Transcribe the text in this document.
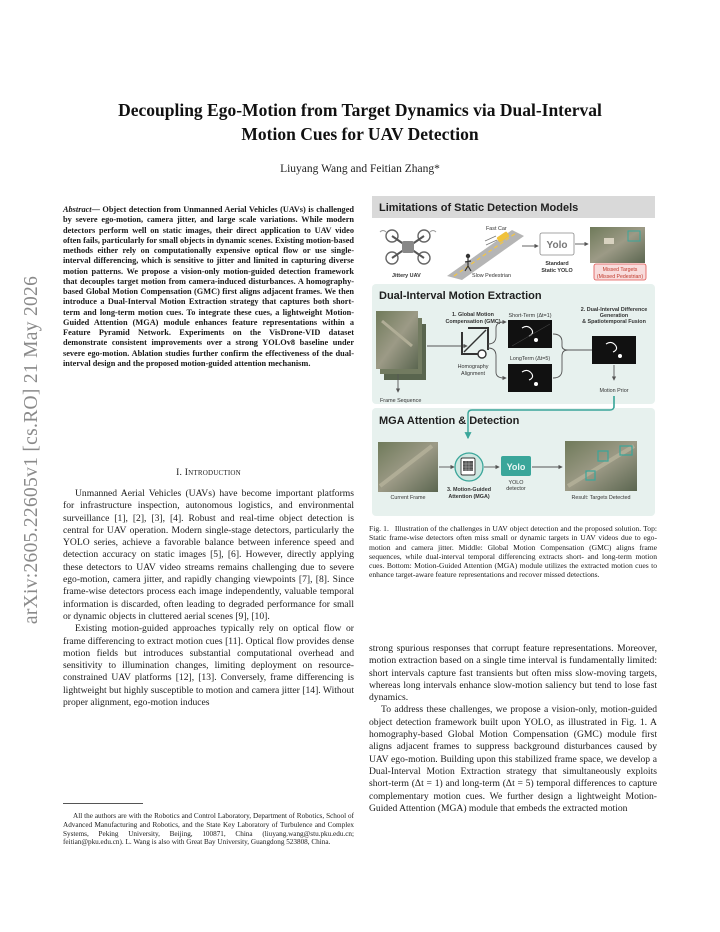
arXiv:2605.22605v1 [cs.RO] 21 May 2026
Decoupling Ego-Motion from Target Dynamics via Dual-Interval
Motion Cues for UAV Detection
Liuyang Wang and Feitian Zhang*
Abstract— Object detection from Unmanned Aerial Vehicles (UAVs) is challenged by severe ego-motion, camera jitter, and large scale variations. While modern detectors perform well on static images, their direct application to UAV video often fails, particularly for small objects in dynamic scenes. Existing motion-based methods either rely on computationally expensive optical flow or use single-interval differencing, which is sensitive to jitter and limited in capturing diverse motion patterns. We propose a vision-only motion-guided detection framework that decouples target motion from camera-induced disturbances. A homography-based Global Motion Compensation (GMC) first aligns adjacent frames. We then introduce a Dual-Interval Motion Extraction strategy that captures both short-term and long-term motion cues. To integrate these cues, a lightweight Motion-Guided Attention (MGA) module enhances feature representations within a Feature Pyramid Network. Experiments on the VisDrone-VID dataset demonstrate consistent improvements over a strong YOLOv8 baseline under severe ego-motion. Ablation studies further confirm the effectiveness of the dual-interval design and the proposed motion-guided attention mechanism.
I. Introduction

Unmanned Aerial Vehicles (UAVs) have become important platforms for infrastructure inspection, autonomous logistics, and environmental surveillance [1], [2], [3], [4]. Robust and real-time object detection is central for UAV operation. Modern single-stage detectors, particularly the YOLO series, achieve a favorable balance between inference speed and detection accuracy on static images [5], [6]. However, directly applying these detectors to UAV video streams remains challenging due to severe ego-motion, camera jitter, and rapidly changing viewpoints [7], [8]. Since frame-wise detectors process each image independently, valuable temporal information is discarded, often leading to degraded performance for small or dynamic objects in cluttered aerial scenes [9], [10].

Existing motion-guided approaches typically rely on optical flow or frame differencing to extract motion cues [11]. Optical flow provides dense motion fields but introduces substantial computational overhead and sensitivity to illumination changes, limiting deployment on resource-constrained UAV platforms [12], [13]. Conversely, frame differencing is lightweight but highly susceptible to motion and camera jitter [14]. Without proper alignment, ego-motion induces

All the authors are with the Robotics and Control Laboratory, Department of Robotics, School of Advanced Manufacturing and Robotics, and the State Key Laboratory of Turbulence and Complex Systems, Peking University, Beijing, 100871, China (liuyang.wang@stu.pku.edu.cn; feitian@pku.edu.cn). L. Wang is also with Great Bay University, Guangdong 523808, China.

Limitations of Static Detection Models
Jittery UAV
Fast Car
Slow Pedestrian
Yolo
Standard
Static YOLO	Missed Targets
(Missed Pedestrian)
Dual-Interval Motion Extraction
Frame Sequence
1. Global Motion
Compensation (GMC)
Homography
Alignment
Short-Term (Δt=1)
LongTerm (Δt=5)
2. Dual-Interval Difference
Generation
& Spatiotemporal Fusion
Motion Prior
MGA Attention & Detection
Current Frame
3. Motion-Guided
Attention (MGA)
Yolo
YOLO
detector
Result: Targets Detected
Fig. 1. Illustration of the challenges in UAV object detection and the proposed solution. Top: Static frame-wise detectors often miss small or dynamic targets in UAV videos due to ego-motion and camera jitter. Middle: Global Motion Compensation (GMC) aligns frame sequences, while dual-interval temporal differencing extracts short- and long-term motion cues. Bottom: Motion-Guided Attention (MGA) module utilizes the extracted motion cues to enhance target-aware feature representations and recover missed detections.

strong spurious responses that corrupt feature representations. Moreover, motion extraction based on a single time interval is fundamentally limited: short intervals capture fast transients but often miss slow-moving targets, whereas long intervals enhance slow-motion saliency but tend to lose fast dynamics.

To address these challenges, we propose a vision-only, motion-guided object detection framework built upon YOLO, as illustrated in Fig. 1. A homography-based Global Motion Compensation (GMC) module first aligns adjacent frames to suppress background disturbances caused by UAV ego-motion. Building upon this stabilized frame space, we develop a Dual-Interval Motion Extraction strategy that simultaneously exploits short-term (Δt = 1) and long-term (Δt = 5) temporal differences to capture complementary motion cues. We further design a lightweight Motion-Guided Attention (MGA) module that embeds the extracted motion
